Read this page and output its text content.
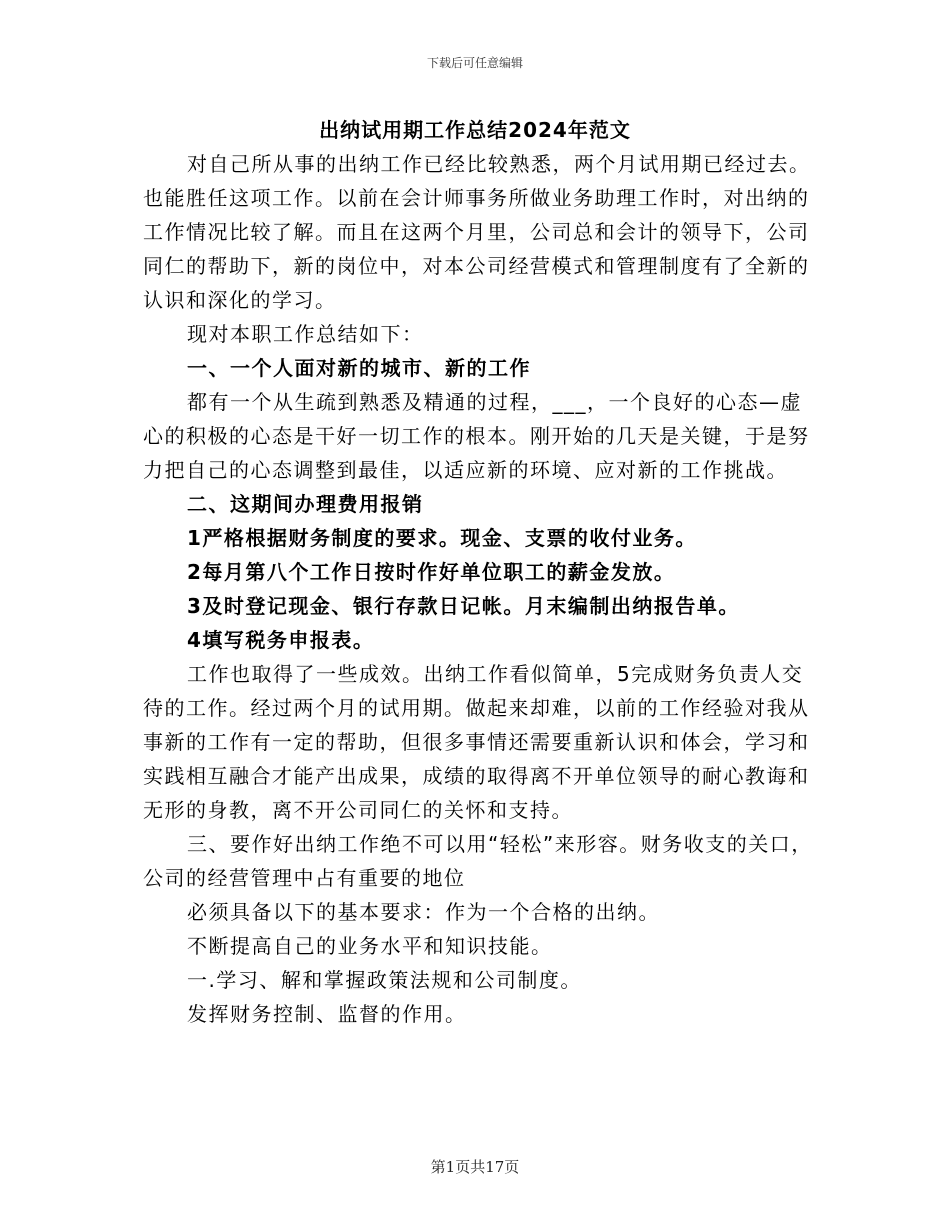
下载后可任意编辑
出纳试用期工作总结2024年范文

对自己所从事的出纳工作已经比较熟悉，两个月试用期已经过去。也能胜任这项工作。以前在会计师事务所做业务助理工作时，对出纳的工作情况比较了解。而且在这两个月里，公司总和会计的领导下，公司同仁的帮助下，新的岗位中，对本公司经营模式和管理制度有了全新的认识和深化的学习。

现对本职工作总结如下：

一、一个人面对新的城市、新的工作

都有一个从生疏到熟悉及精通的过程，___，一个良好的心态—虚心的积极的心态是干好一切工作的根本。刚开始的几天是关键，于是努力把自己的心态调整到最佳，以适应新的环境、应对新的工作挑战。

二、这期间办理费用报销

1严格根据财务制度的要求。现金、支票的收付业务。

2每月第八个工作日按时作好单位职工的薪金发放。

3及时登记现金、银行存款日记帐。月末编制出纳报告单。

4填写税务申报表。

工作也取得了一些成效。出纳工作看似简单，5完成财务负责人交待的工作。经过两个月的试用期。做起来却难，以前的工作经验对我从事新的工作有一定的帮助，但很多事情还需要重新认识和体会，学习和实践相互融合才能产出成果，成绩的取得离不开单位领导的耐心教诲和无形的身教，离不开公司同仁的关怀和支持。

三、要作好出纳工作绝不可以用“轻松”来形容。财务收支的关口，公司的经营管理中占有重要的地位

必须具备以下的基本要求：作为一个合格的出纳。

不断提高自己的业务水平和知识技能。

一.学习、解和掌握政策法规和公司制度。

发挥财务控制、监督的作用。

第1页共17页
